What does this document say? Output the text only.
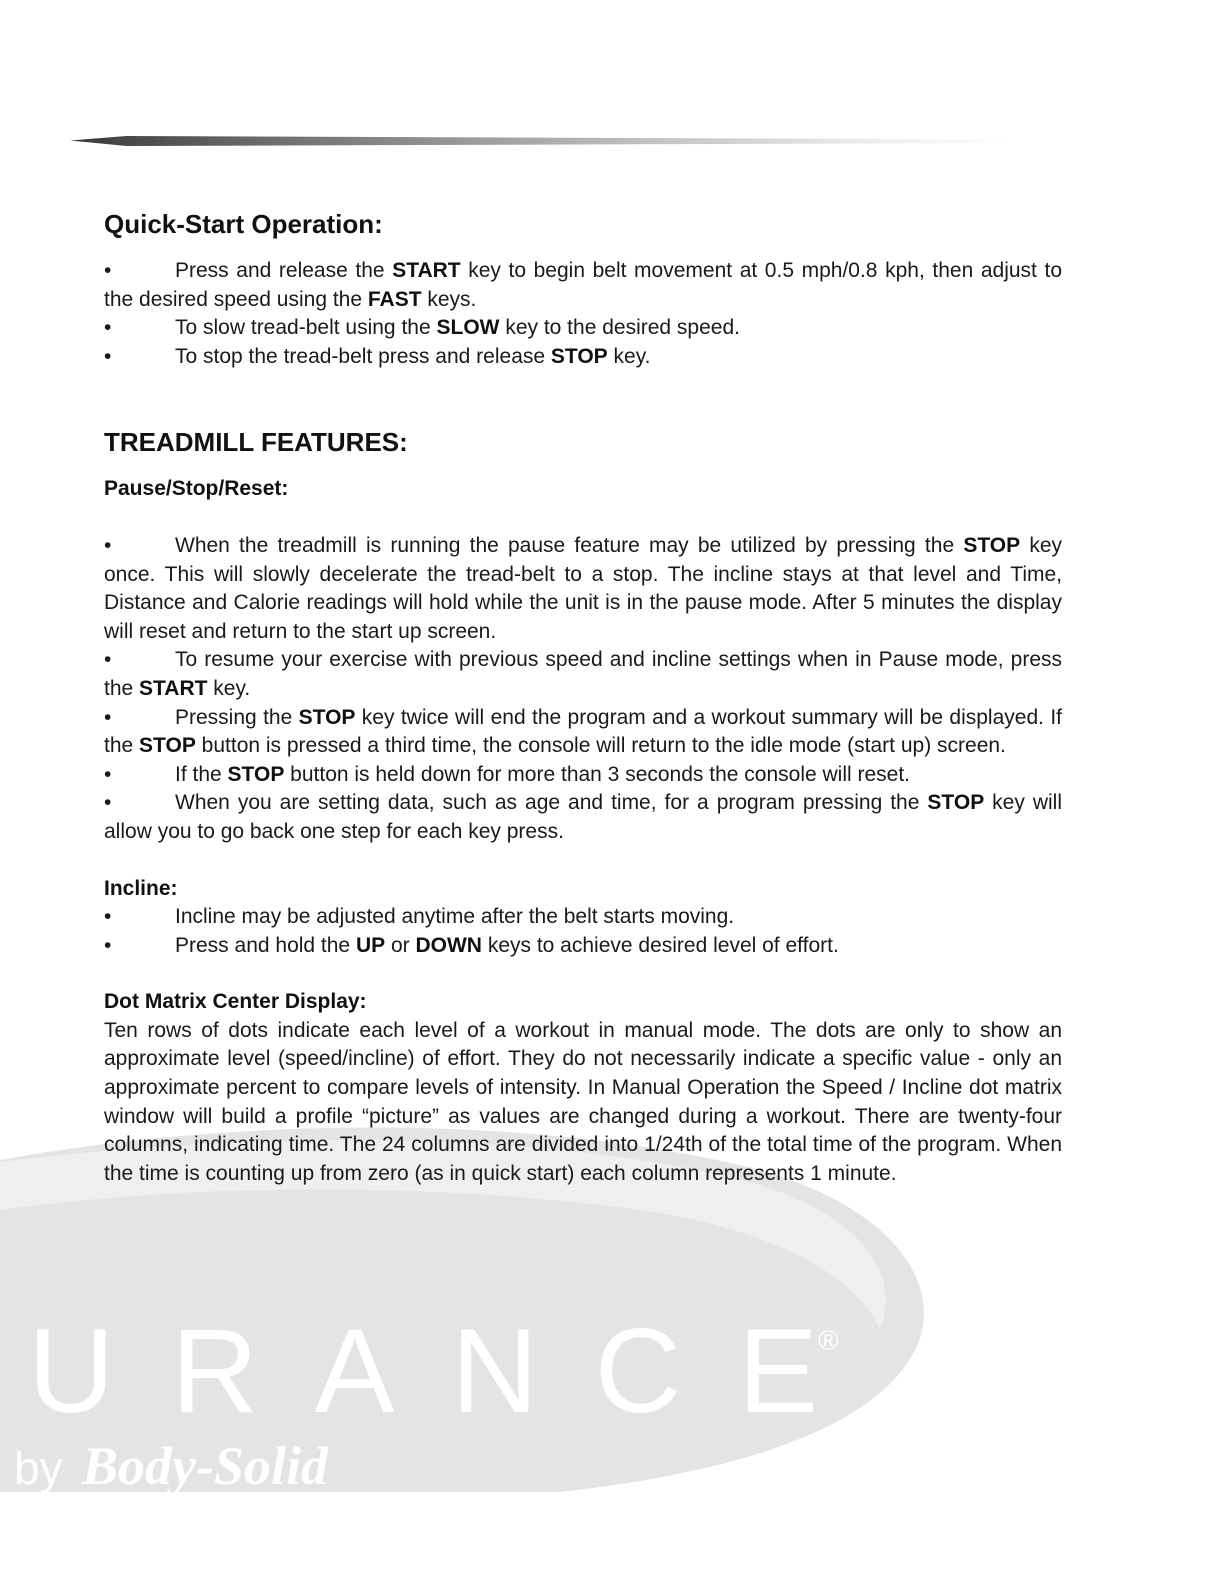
URANCE ®
by Body-Solid
Quick-Start Operation:

•	Press and release the START key to begin belt movement at 0.5 mph/0.8 kph, then adjust to the desired speed using the FAST keys.

•	To slow tread-belt using the SLOW key to the desired speed.

•	To stop the tread-belt press and release STOP key.

TREADMILL FEATURES:
Pause/Stop/Reset:

•	When the treadmill is running the pause feature may be utilized by pressing the STOP key once. This will slowly decelerate the tread-belt to a stop. The incline stays at that level and Time, Distance and Calorie readings will hold while the unit is in the pause mode. After 5 minutes the display will reset and return to the start up screen.

•	To resume your exercise with previous speed and incline settings when in Pause mode, press the START key.

•	Pressing the STOP key twice will end the program and a workout summary will be displayed. If the STOP button is pressed a third time, the console will return to the idle mode (start up) screen.

•	If the STOP button is held down for more than 3 seconds the console will reset.

•	When you are setting data, such as age and time, for a program pressing the STOP key will allow you to go back one step for each key press.

Incline:

•	Incline may be adjusted anytime after the belt starts moving.

•	Press and hold the UP or DOWN keys to achieve desired level of effort.

Dot Matrix Center Display:

Ten rows of dots indicate each level of a workout in manual mode. The dots are only to show an approximate level (speed/incline) of effort. They do not necessarily indicate a specific value - only an approximate percent to compare levels of intensity. In Manual Operation the Speed / Incline dot matrix window will build a profile “picture” as values are changed during a workout. There are twenty-four columns, indicating time. The 24 columns are divided into 1/24th of the total time of the program. When the time is counting up from zero (as in quick start) each column represents 1 minute.
